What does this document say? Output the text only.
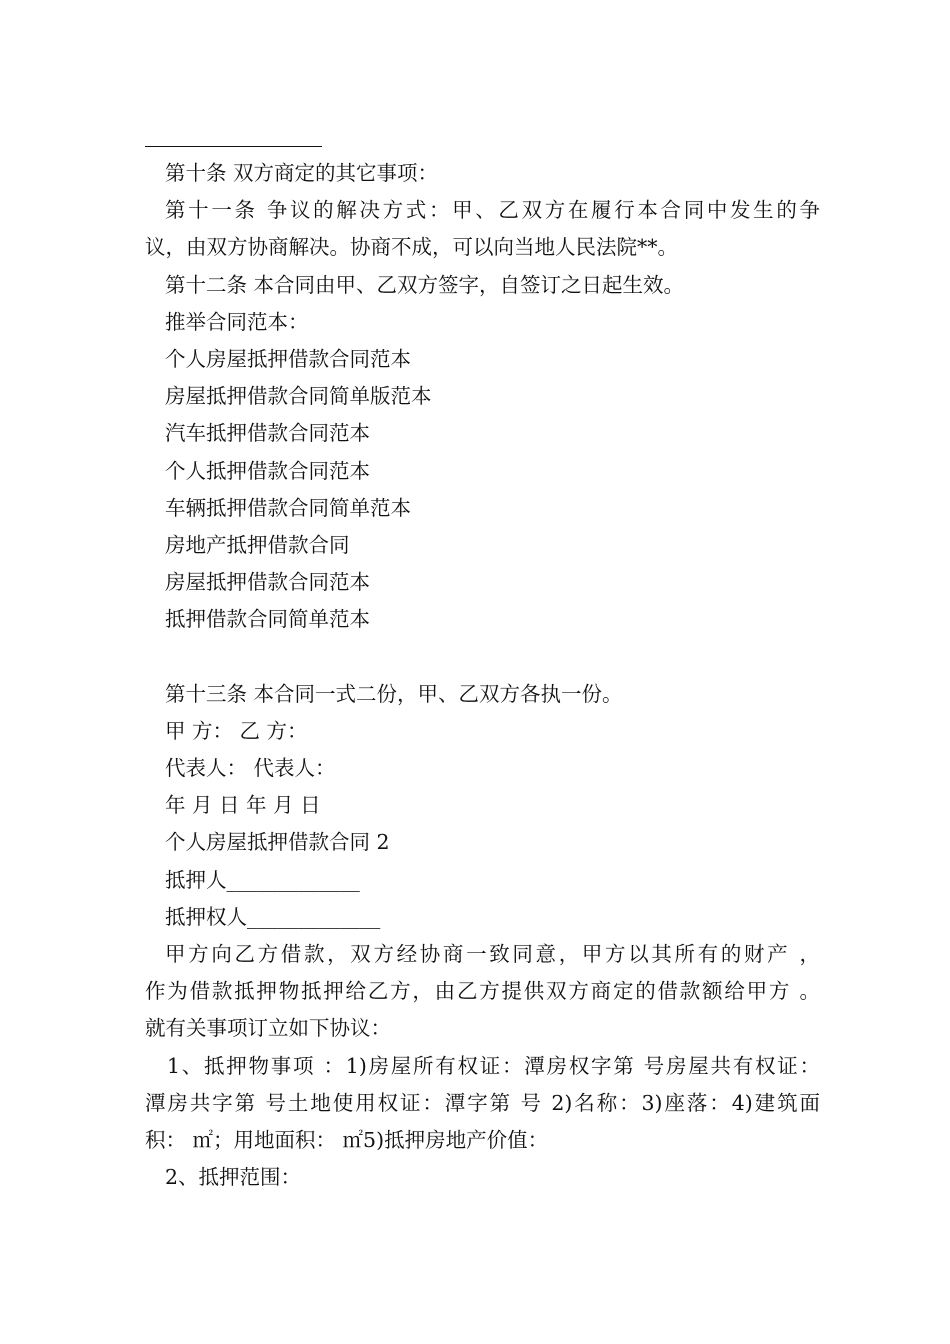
第十条 双方商定的其它事项：
第十一条 争议的解决方式：甲、乙双方在履行本合同中发生的争
议，由双方协商解决。协商不成，可以向当地人民法院**。
第十二条 本合同由甲、乙双方签字，自签订之日起生效。
推举合同范本：
个人房屋抵押借款合同范本
房屋抵押借款合同简单版范本
汽车抵押借款合同范本
个人抵押借款合同范本
车辆抵押借款合同简单范本
房地产抵押借款合同
房屋抵押借款合同范本
抵押借款合同简单范本
第十三条 本合同一式二份，甲、乙双方各执一份。
甲 方： 乙 方：
代表人： 代表人：
年 月 日 年 月 日
个人房屋抵押借款合同 2
抵押人_____________
抵押权人_____________
甲方向乙方借款，双方经协商一致同意，甲方以其所有的财产 ，
作为借款抵押物抵押给乙方，由乙方提供双方商定的借款额给甲方 。
就有关事项订立如下协议：
1、抵押物事项 ：1)房屋所有权证：潭房权字第 号房屋共有权证：
潭房共字第 号土地使用权证：潭字第 号 2)名称：3)座落：4)建筑面
积： ㎡；用地面积： ㎡5)抵押房地产价值：
2、抵押范围：
